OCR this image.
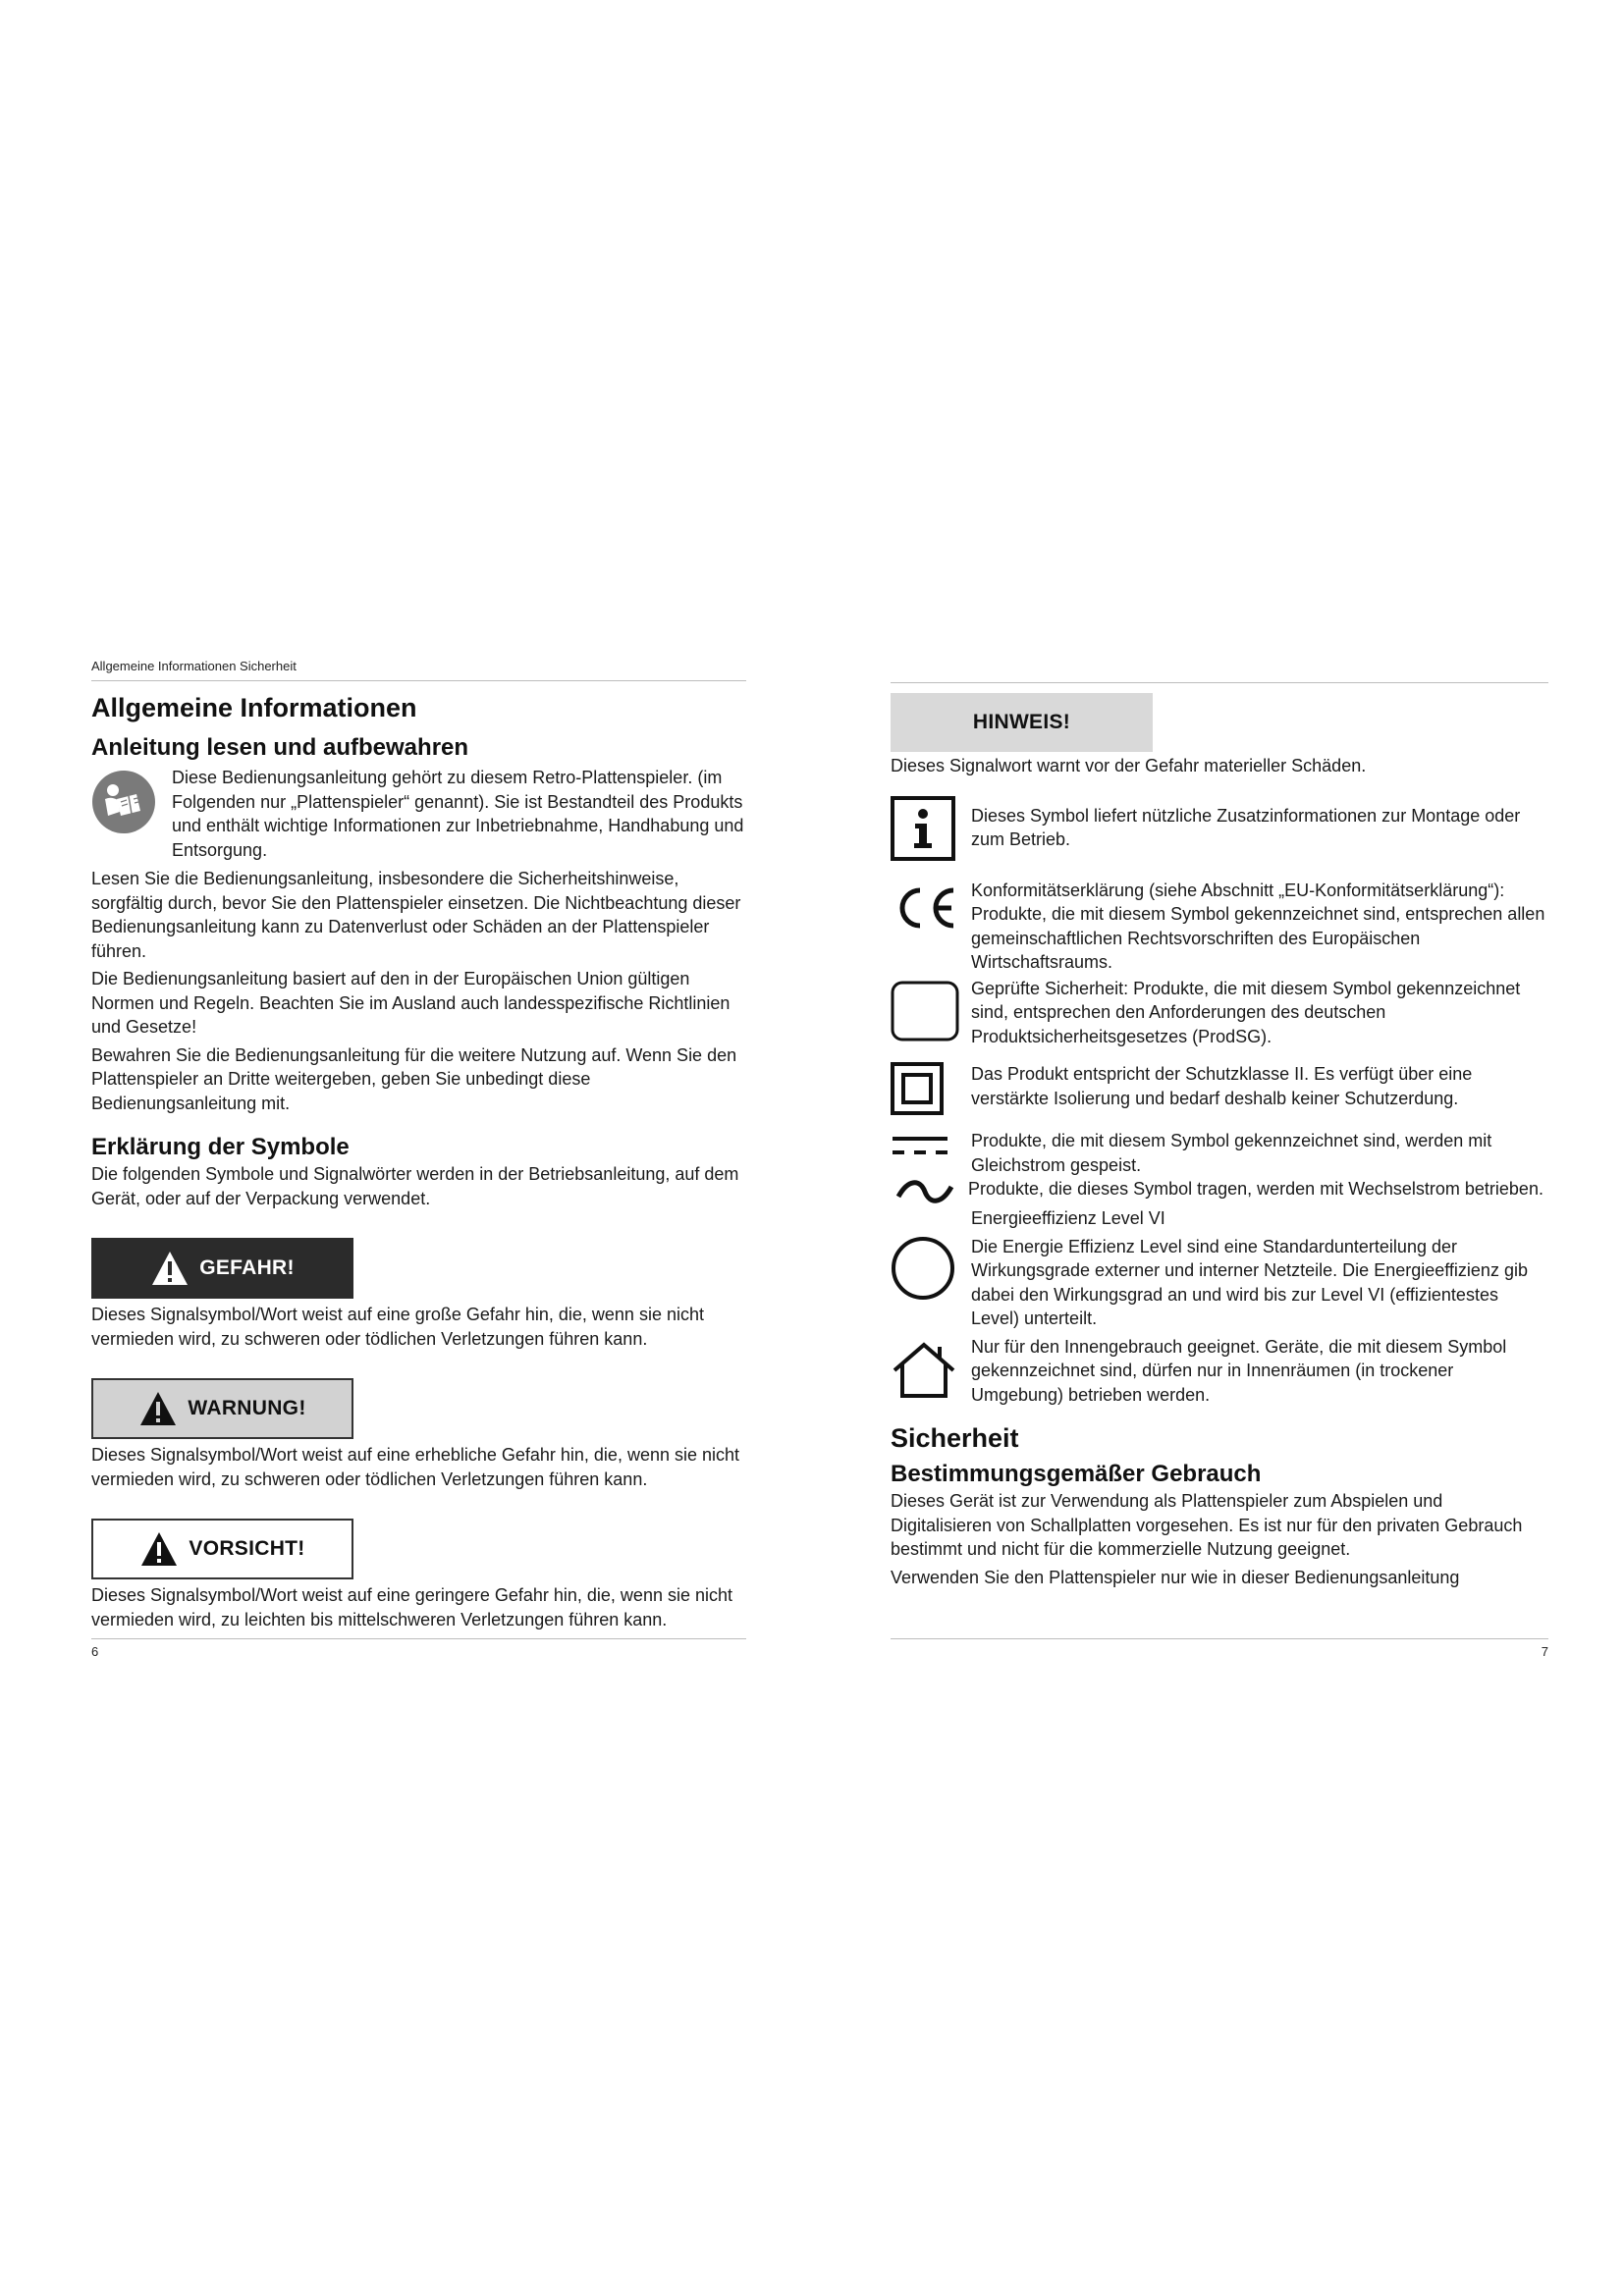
Allgemeine Informationen Sicherheit
Allgemeine Informationen
Anleitung lesen und aufbewahren

Diese Bedienungsanleitung gehört zu diesem Retro-Plattenspieler. (im Folgenden nur „Plattenspieler“ genannt). Sie ist Bestandteil des Produkts und enthält wichtige Informationen zur Inbetriebnahme, Handhabung und Entsorgung.

Lesen Sie die Bedienungsanleitung, insbesondere die Sicherheitshinweise, sorgfältig durch, bevor Sie den Plattenspieler einsetzen. Die Nichtbeachtung dieser Bedienungsanleitung kann zu Datenverlust oder Schäden an der Plattenspieler führen.

Die Bedienungsanleitung basiert auf den in der Europäischen Union gültigen Normen und Regeln. Beachten Sie im Ausland auch landesspezifische Richtlinien und Gesetze!

Bewahren Sie die Bedienungsanleitung für die weitere Nutzung auf. Wenn Sie den Plattenspieler an Dritte weitergeben, geben Sie unbedingt diese Bedienungsanleitung mit.

Erklärung der Symbole

Die folgenden Symbole und Signalwörter werden in der Betriebsanleitung, auf dem Gerät, oder auf der Verpackung verwendet.

GEFAHR!

Dieses Signalsymbol/Wort weist auf eine große Gefahr hin, die, wenn sie nicht vermieden wird, zu schweren oder tödlichen Verletzungen führen kann.

WARNUNG!

Dieses Signalsymbol/Wort weist auf eine erhebliche Gefahr hin, die, wenn sie nicht vermieden wird, zu schweren oder tödlichen Verletzungen führen kann.

VORSICHT!

Dieses Signalsymbol/Wort weist auf eine geringere Gefahr hin, die, wenn sie nicht vermieden wird, zu leichten bis mittelschweren Verletzungen führen kann.

6
HINWEIS!

Dieses Signalwort warnt vor der Gefahr materieller Schäden.

Dieses Symbol liefert nützliche Zusatzinformationen zur Montage oder zum Betrieb.

Konformitätserklärung (siehe Abschnitt „EU-Konformitätserklärung“): Produkte, die mit diesem Symbol gekennzeichnet sind, entsprechen allen gemeinschaftlichen Rechtsvorschriften des Europäischen Wirtschaftsraums.

Geprüfte Sicherheit: Produkte, die mit diesem Symbol gekennzeichnet sind, entsprechen den Anforderungen des deutschen Produktsicherheitsgesetzes (ProdSG).

Das Produkt entspricht der Schutzklasse II. Es verfügt über eine verstärkte Isolierung und bedarf deshalb keiner Schutzerdung.

Produkte, die mit diesem Symbol gekennzeichnet sind, werden mit Gleichstrom gespeist.

Produkte, die dieses Symbol tragen, werden mit Wechselstrom betrieben.

Energieeffizienz Level VI

Die Energie Effizienz Level sind eine Standardunterteilung der Wirkungsgrade externer und interner Netzteile. Die Energieeffizienz gib dabei den Wirkungsgrad an und wird bis zur Level VI (effizientestes Level) unterteilt.

Nur für den Innengebrauch geeignet. Geräte, die mit diesem Symbol gekennzeichnet sind, dürfen nur in Innenräumen (in trockener Umgebung) betrieben werden.

Sicherheit
Bestimmungsgemäßer Gebrauch

Dieses Gerät ist zur Verwendung als Plattenspieler zum Abspielen und Digitalisieren von Schallplatten vorgesehen. Es ist nur für den privaten Gebrauch bestimmt und nicht für die kommerzielle Nutzung geeignet.

Verwenden Sie den Plattenspieler nur wie in dieser Bedienungsanleitung

7
